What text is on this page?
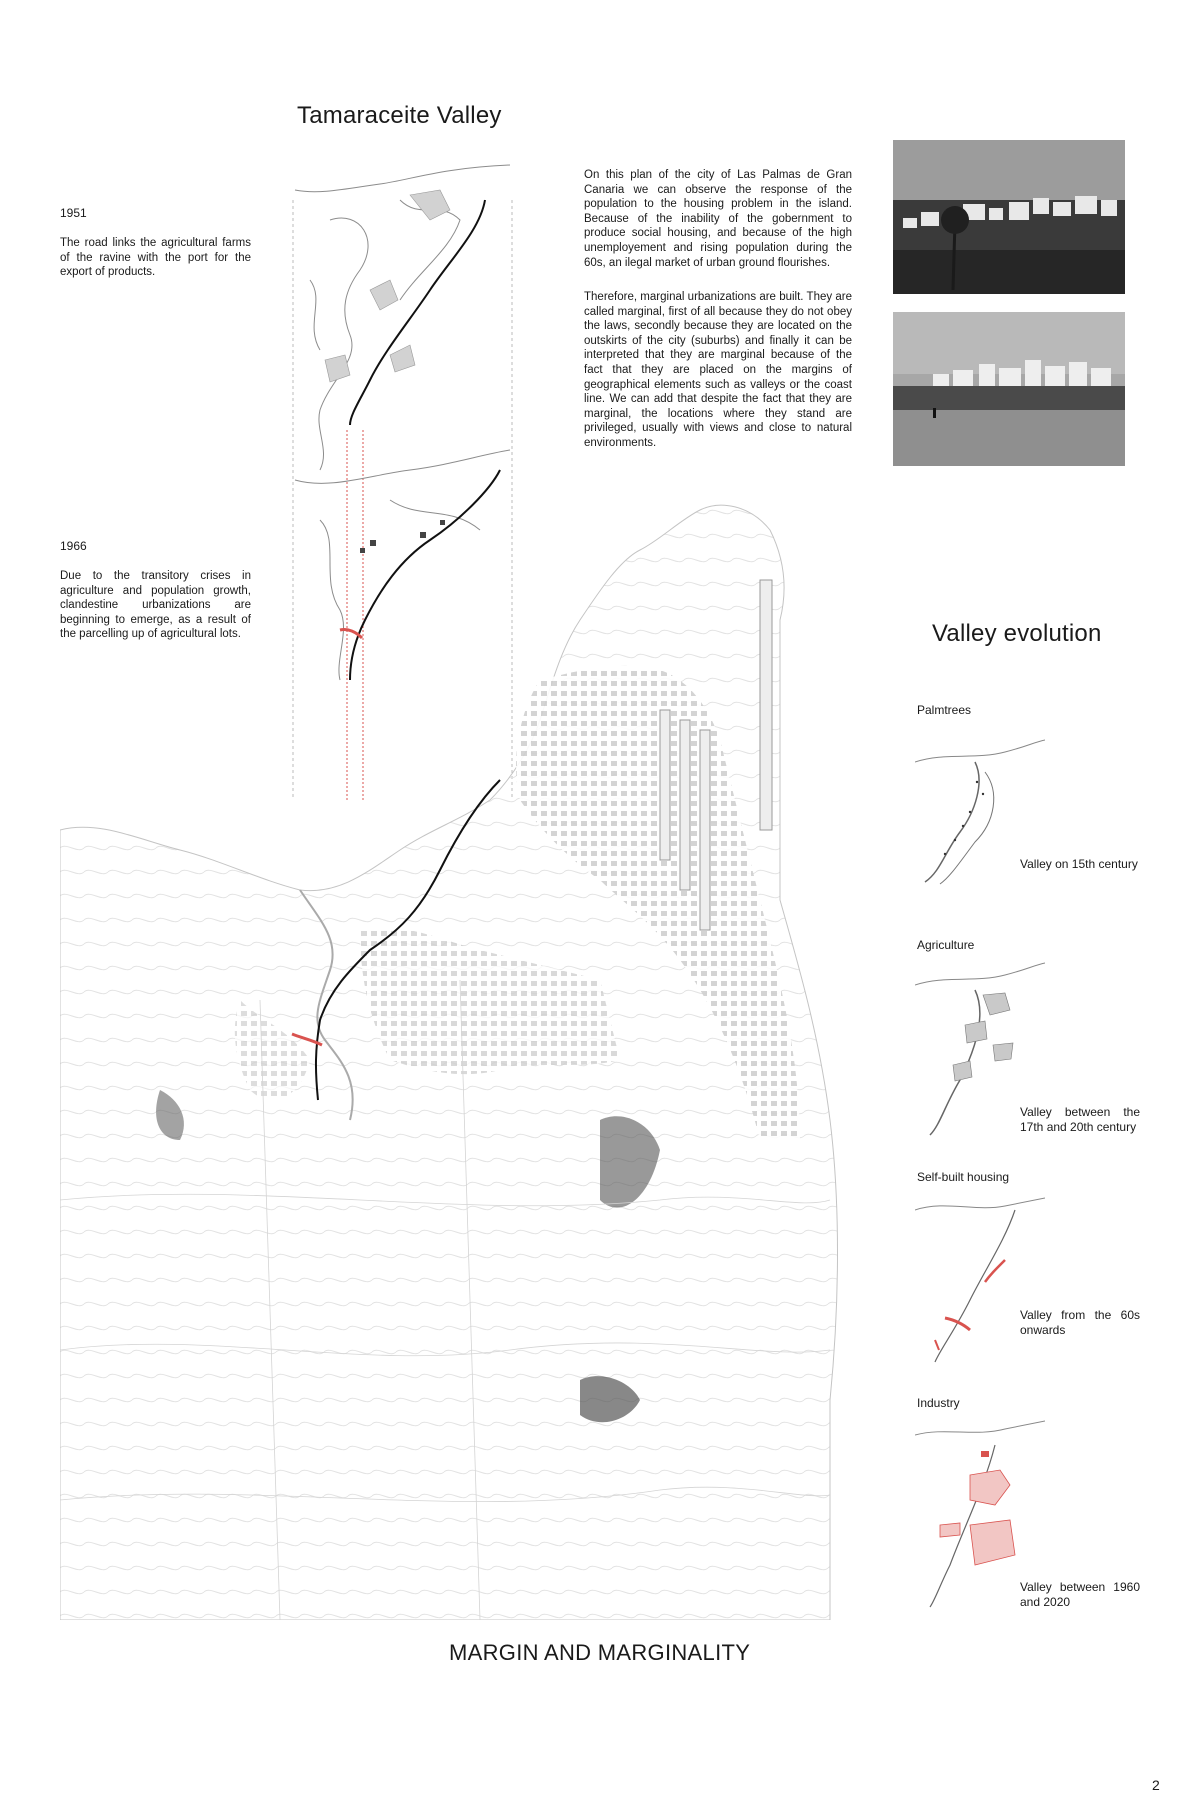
Tamaraceite Valley
1951
The road links the agricultural farms of the ravine with the port for the export of products.
1966
Due to the transitory crises in agriculture and population growth, clandestine urbanizations are beginning to emerge, as a result of the parcelling up of agricultural lots.
On this plan of the city of Las Palmas de Gran Canaria we can observe the response of the population to the housing problem in the island. Because of the inability of the gobernment to produce social housing, and because of the high unemployement and rising population during the 60s, an ilegal market of urban ground flourishes.
Therefore, marginal urbanizations are built. They are called marginal, first of all because they do not obey the laws, secondly because they are located on the outskirts of the city (suburbs) and finally it can be interpreted that they are marginal because of the fact that they are placed on the margins of geographical elements such as valleys or the coast line. We can add that despite the fact that they are marginal, the locations where they stand are privileged, usually with views and close to natural environments.
Valley evolution
Palmtrees
Valley on 15th century
Agriculture
Valley between the 17th and 20th century
Self-built housing
Valley from the 60s onwards
Industry
Valley between 1960 and 2020
MARGIN AND MARGINALITY
2
